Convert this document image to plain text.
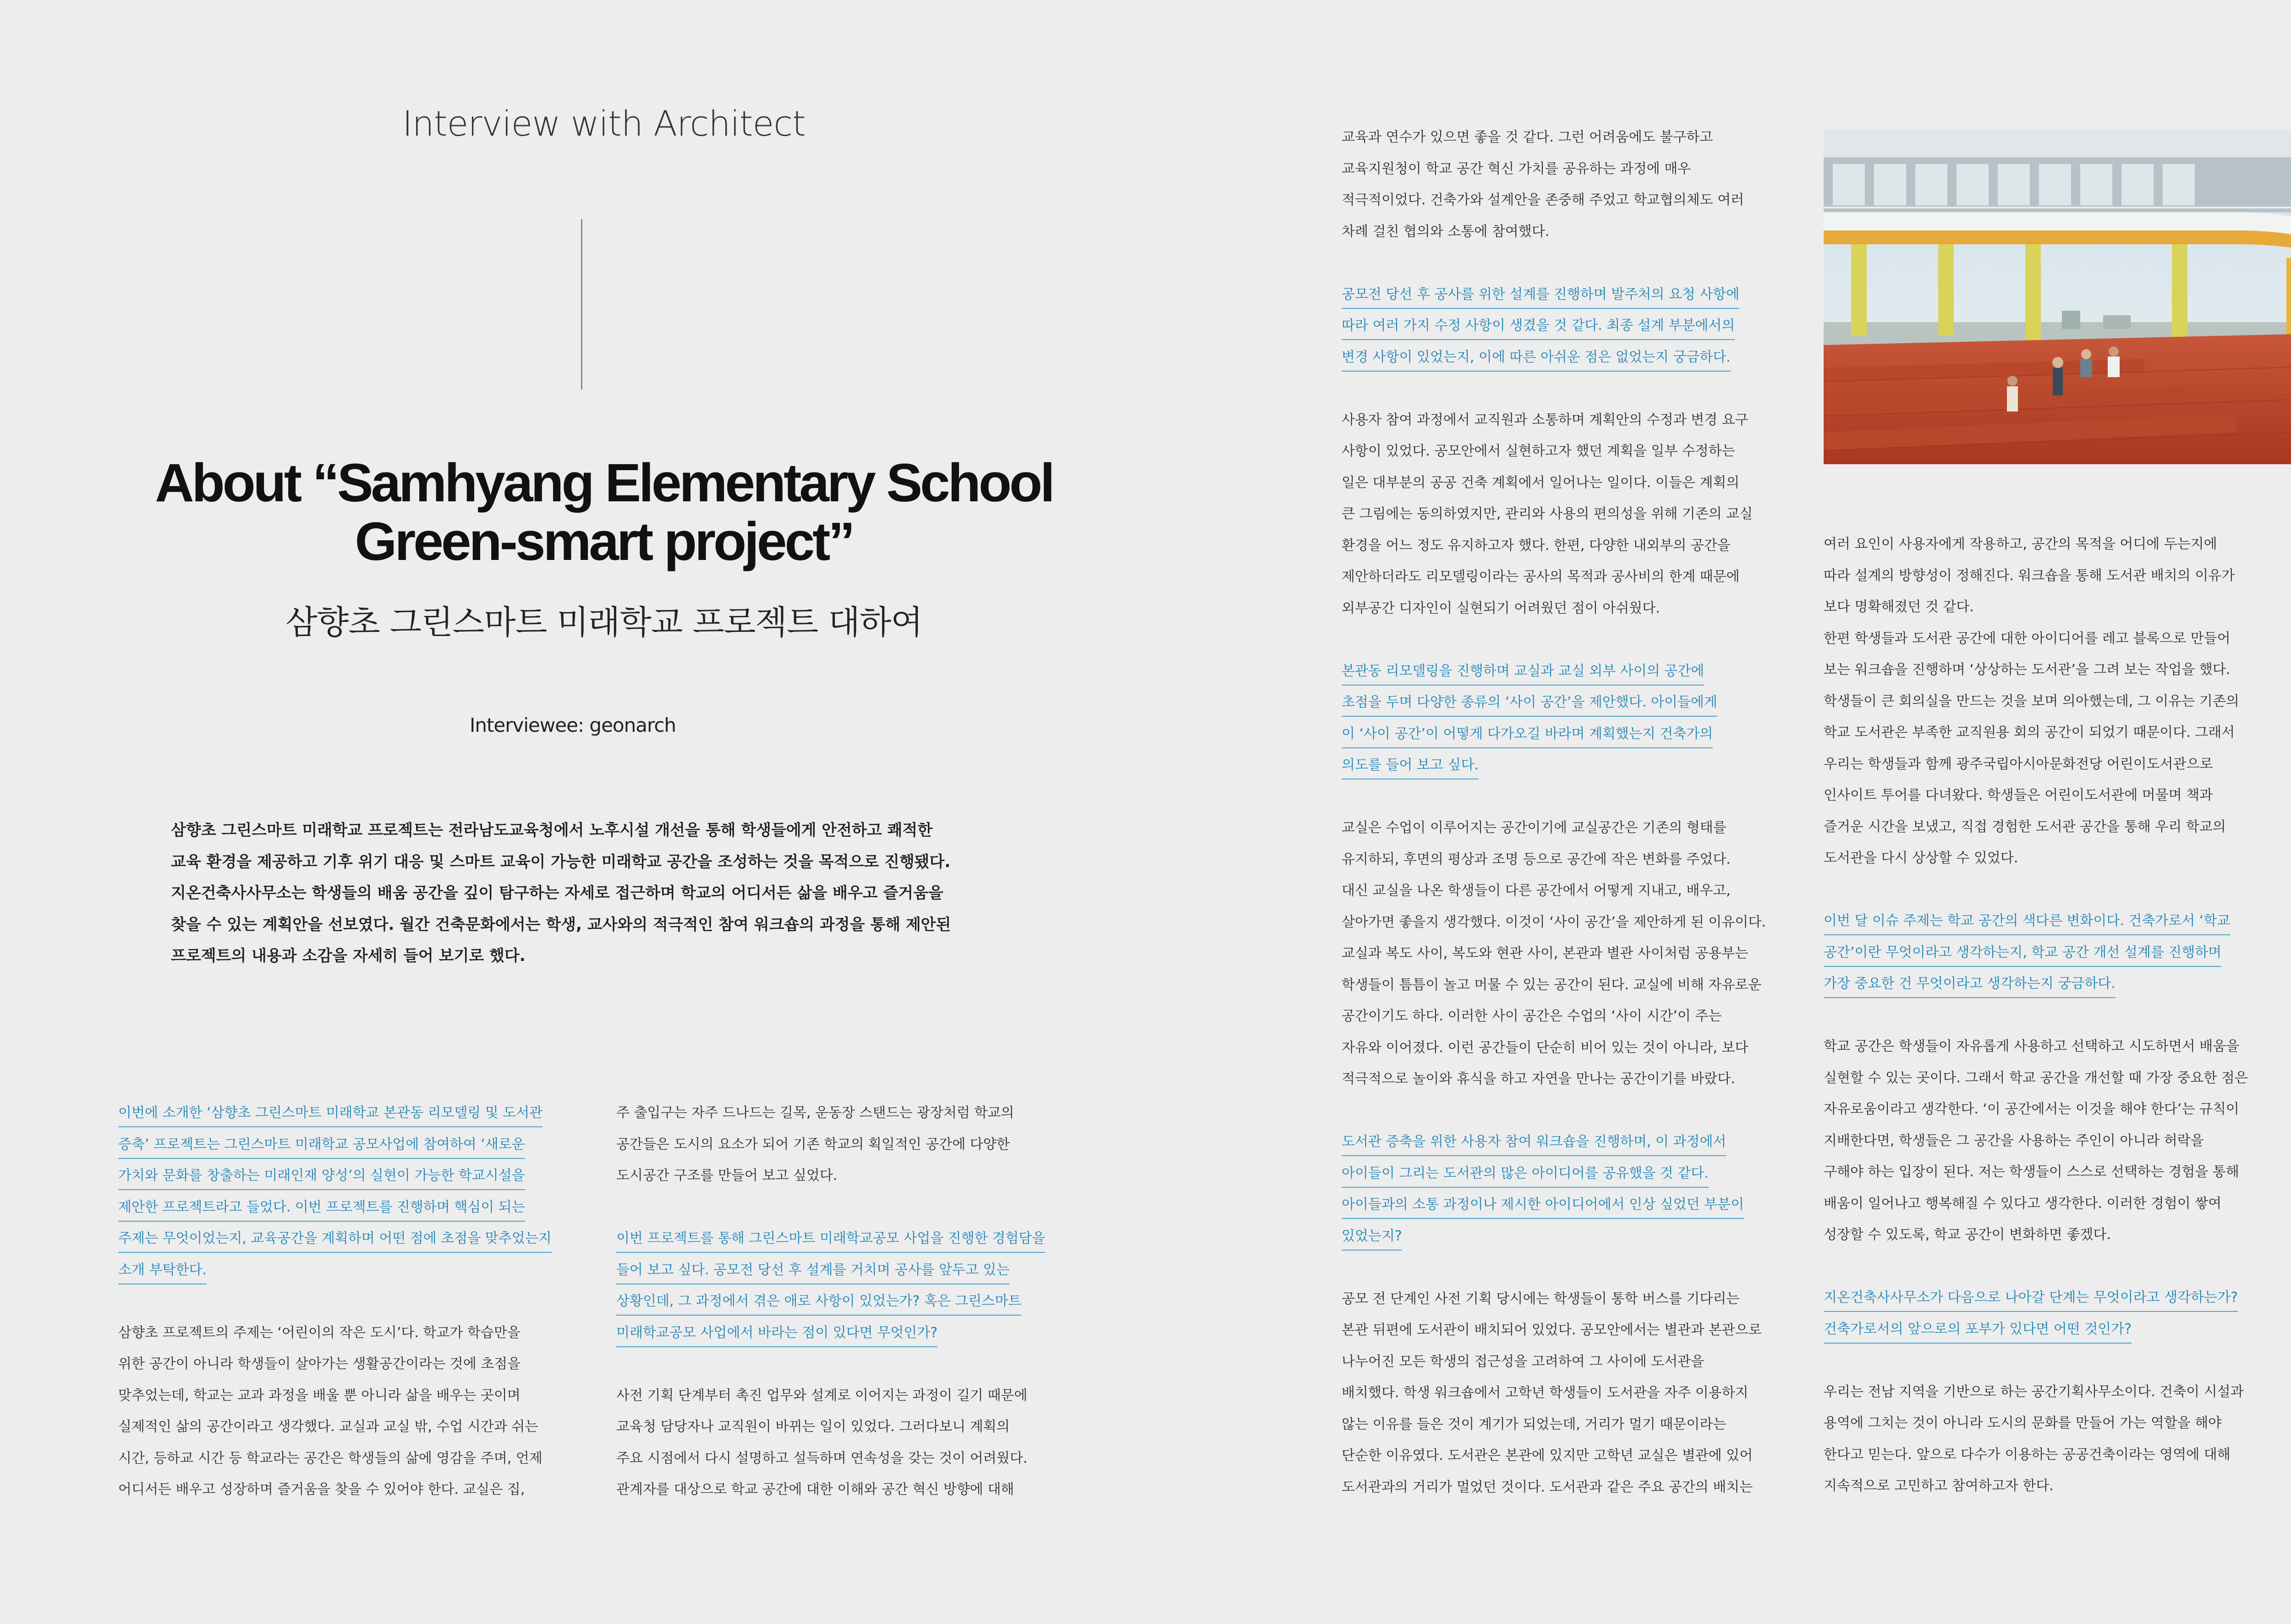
Interview with Architect
About “Samhyang Elementary School
Green-smart project”
삼향초 그린스마트 미래학교 프로젝트 대하여
Interviewee: geonarch

삼향초 그린스마트 미래학교 프로젝트는 전라남도교육청에서 노후시설 개선을 통해 학생들에게 안전하고 쾌적한

교육 환경을 제공하고 기후 위기 대응 및 스마트 교육이 가능한 미래학교 공간을 조성하는 것을 목적으로 진행됐다.

지온건축사사무소는 학생들의 배움 공간을 깊이 탐구하는 자세로 접근하며 학교의 어디서든 삶을 배우고 즐거움을

찾을 수 있는 계획안을 선보였다. 월간 건축문화에서는 학생, 교사와의 적극적인 참여 워크숍의 과정을 통해 제안된

프로젝트의 내용과 소감을 자세히 들어 보기로 했다.

이번에 소개한 ‘삼향초 그린스마트 미래학교 본관동 리모델링 및 도서관

증축’ 프로젝트는 그린스마트 미래학교 공모사업에 참여하여 ‘새로운

가치와 문화를 창출하는 미래인재 양성’의 실현이 가능한 학교시설을

제안한 프로젝트라고 들었다. 이번 프로젝트를 진행하며 핵심이 되는

주제는 무엇이었는지, 교육공간을 계획하며 어떤 점에 초점을 맞추었는지

소개 부탁한다.

삼향초 프로젝트의 주제는 ‘어린이의 작은 도시’다. 학교가 학습만을

위한 공간이 아니라 학생들이 살아가는 생활공간이라는 것에 초점을

맞추었는데, 학교는 교과 과정을 배울 뿐 아니라 삶을 배우는 곳이며

실제적인 삶의 공간이라고 생각했다. 교실과 교실 밖, 수업 시간과 쉬는

시간, 등하교 시간 등 학교라는 공간은 학생들의 삶에 영감을 주며, 언제

어디서든 배우고 성장하며 즐거움을 찾을 수 있어야 한다. 교실은 집,

주 출입구는 자주 드나드는 길목, 운동장 스탠드는 광장처럼 학교의

공간들은 도시의 요소가 되어 기존 학교의 획일적인 공간에 다양한

도시공간 구조를 만들어 보고 싶었다.

이번 프로젝트를 통해 그린스마트 미래학교공모 사업을 진행한 경험담을

들어 보고 싶다. 공모전 당선 후 설계를 거치며 공사를 앞두고 있는

상황인데, 그 과정에서 겪은 애로 사항이 있었는가? 혹은 그린스마트

미래학교공모 사업에서 바라는 점이 있다면 무엇인가?

사전 기획 단계부터 촉진 업무와 설계로 이어지는 과정이 길기 때문에

교육청 담당자나 교직원이 바뀌는 일이 있었다. 그러다보니 계획의

주요 시점에서 다시 설명하고 설득하며 연속성을 갖는 것이 어려웠다.

관계자를 대상으로 학교 공간에 대한 이해와 공간 혁신 방향에 대해

교육과 연수가 있으면 좋을 것 같다. 그런 어려움에도 불구하고

교육지원청이 학교 공간 혁신 가치를 공유하는 과정에 매우

적극적이었다. 건축가와 설계안을 존중해 주었고 학교협의체도 여러

차례 걸친 협의와 소통에 참여했다.

공모전 당선 후 공사를 위한 설계를 진행하며 발주처의 요청 사항에

따라 여러 가지 수정 사항이 생겼을 것 같다. 최종 설계 부분에서의

변경 사항이 있었는지, 이에 따른 아쉬운 점은 없었는지 궁금하다.

사용자 참여 과정에서 교직원과 소통하며 계획안의 수정과 변경 요구

사항이 있었다. 공모안에서 실현하고자 했던 계획을 일부 수정하는

일은 대부분의 공공 건축 계획에서 일어나는 일이다. 이들은 계획의

큰 그림에는 동의하였지만, 관리와 사용의 편의성을 위해 기존의 교실

환경을 어느 정도 유지하고자 했다. 한편, 다양한 내외부의 공간을

제안하더라도 리모델링이라는 공사의 목적과 공사비의 한계 때문에

외부공간 디자인이 실현되기 어려웠던 점이 아쉬웠다.

본관동 리모델링을 진행하며 교실과 교실 외부 사이의 공간에

초점을 두며 다양한 종류의 ‘사이 공간’을 제안했다. 아이들에게

이 ‘사이 공간’이 어떻게 다가오길 바라며 계획했는지 건축가의

의도를 들어 보고 싶다.

교실은 수업이 이루어지는 공간이기에 교실공간은 기존의 형태를

유지하되, 후면의 평상과 조명 등으로 공간에 작은 변화를 주었다.

대신 교실을 나온 학생들이 다른 공간에서 어떻게 지내고, 배우고,

살아가면 좋을지 생각했다. 이것이 ‘사이 공간’을 제안하게 된 이유이다.

교실과 복도 사이, 복도와 현관 사이, 본관과 별관 사이처럼 공용부는

학생들이 틈틈이 놀고 머물 수 있는 공간이 된다. 교실에 비해 자유로운

공간이기도 하다. 이러한 사이 공간은 수업의 ‘사이 시간’이 주는

자유와 이어졌다. 이런 공간들이 단순히 비어 있는 것이 아니라, 보다

적극적으로 놀이와 휴식을 하고 자연을 만나는 공간이기를 바랐다.

도서관 증축을 위한 사용자 참여 워크숍을 진행하며, 이 과정에서

아이들이 그리는 도서관의 많은 아이디어를 공유했을 것 같다.

아이들과의 소통 과정이나 제시한 아이디어에서 인상 싶었던 부분이

있었는지?

공모 전 단계인 사전 기획 당시에는 학생들이 통학 버스를 기다리는

본관 뒤편에 도서관이 배치되어 있었다. 공모안에서는 별관과 본관으로

나누어진 모든 학생의 접근성을 고려하여 그 사이에 도서관을

배치했다. 학생 워크숍에서 고학년 학생들이 도서관을 자주 이용하지

않는 이유를 들은 것이 계기가 되었는데, 거리가 멀기 때문이라는

단순한 이유였다. 도서관은 본관에 있지만 고학년 교실은 별관에 있어

도서관과의 거리가 멀었던 것이다. 도서관과 같은 주요 공간의 배치는

여러 요인이 사용자에게 작용하고, 공간의 목적을 어디에 두는지에

따라 설계의 방향성이 정해진다. 워크숍을 통해 도서관 배치의 이유가

보다 명확해졌던 것 같다.

한편 학생들과 도서관 공간에 대한 아이디어를 레고 블록으로 만들어

보는 워크숍을 진행하며 ‘상상하는 도서관’을 그려 보는 작업을 했다.

학생들이 큰 회의실을 만드는 것을 보며 의아했는데, 그 이유는 기존의

학교 도서관은 부족한 교직원용 회의 공간이 되었기 때문이다. 그래서

우리는 학생들과 함께 광주국립아시아문화전당 어린이도서관으로

인사이트 투어를 다녀왔다. 학생들은 어린이도서관에 머물며 책과

즐거운 시간을 보냈고, 직접 경험한 도서관 공간을 통해 우리 학교의

도서관을 다시 상상할 수 있었다.

이번 달 이슈 주제는 학교 공간의 색다른 변화이다. 건축가로서 ‘학교

공간’이란 무엇이라고 생각하는지, 학교 공간 개선 설계를 진행하며

가장 중요한 건 무엇이라고 생각하는지 궁금하다.

학교 공간은 학생들이 자유롭게 사용하고 선택하고 시도하면서 배움을

실현할 수 있는 곳이다. 그래서 학교 공간을 개선할 때 가장 중요한 점은

자유로움이라고 생각한다. ‘이 공간에서는 이것을 해야 한다’는 규칙이

지배한다면, 학생들은 그 공간을 사용하는 주인이 아니라 허락을

구해야 하는 입장이 된다. 저는 학생들이 스스로 선택하는 경험을 통해

배움이 일어나고 행복해질 수 있다고 생각한다. 이러한 경험이 쌓여

성장할 수 있도록, 학교 공간이 변화하면 좋겠다.

지온건축사사무소가 다음으로 나아갈 단계는 무엇이라고 생각하는가?

건축가로서의 앞으로의 포부가 있다면 어떤 것인가?

우리는 전남 지역을 기반으로 하는 공간기획사무소이다. 건축이 시설과

용역에 그치는 것이 아니라 도시의 문화를 만들어 가는 역할을 해야

한다고 믿는다. 앞으로 다수가 이용하는 공공건축이라는 영역에 대해

지속적으로 고민하고 참여하고자 한다.
